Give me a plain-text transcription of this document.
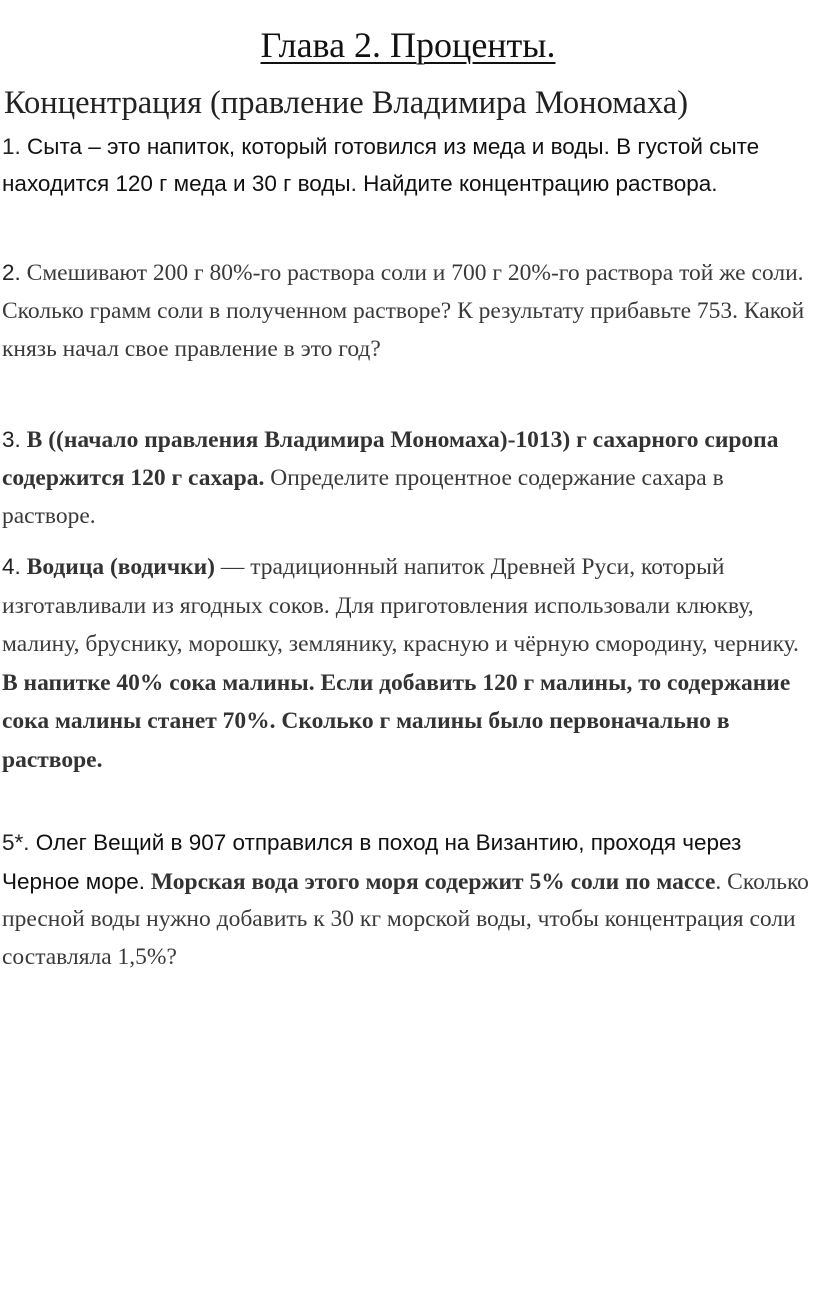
Глава 2. Проценты.
Концентрация (правление Владимира Мономаха)
1. Сыта – это напиток, который готовился из меда и воды. В густой сыте находится 120 г меда и 30 г воды. Найдите концентрацию раствора.
2. Смешивают 200 г 80%-го раствора соли и 700 г 20%-го раствора той же соли. Сколько грамм соли в полученном растворе? К результату прибавьте 753. Какой князь начал свое правление в это год?
3. В ((начало правления Владимира Мономаха)-1013) г сахарного сиропа содержится 120 г сахара. Определите процентное содержание сахара в растворе.
4. Водица (водички) — традиционный напиток Древней Руси, который изготавливали из ягодных соков. Для приготовления использовали клюкву, малину, бруснику, морошку, землянику, красную и чёрную смородину, чернику. В напитке 40% сока малины. Если добавить 120 г малины, то содержание сока малины станет 70%. Сколько г малины было первоначально в растворе.
5*. Олег Вещий в 907 отправился в поход на Византию, проходя через Черное море. Морская вода этого моря содержит 5% соли по массе. Сколько пресной воды нужно добавить к 30 кг морской воды, чтобы концентрация соли составляла 1,5%?
